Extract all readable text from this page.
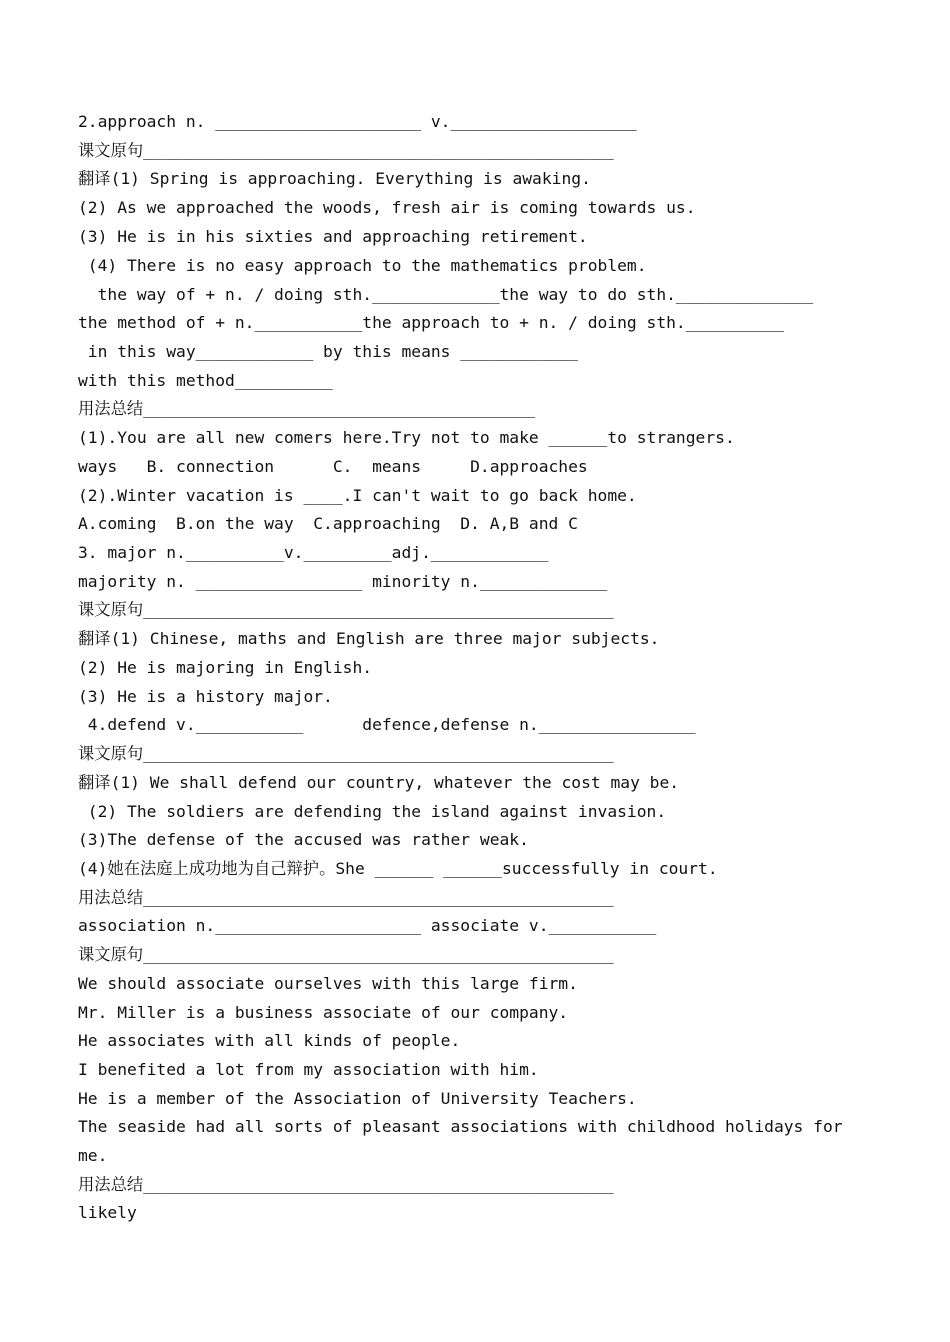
2.approach n. _____________________ v.___________________
课文原句________________________________________________
翻译(1) Spring is approaching. Everything is awaking.
(2) As we approached the woods, fresh air is coming towards us.
(3) He is in his sixties and approaching retirement.
(4) There is no easy approach to the mathematics problem.
the way of + n. / doing sth._____________the way to do sth.______________
the method of + n.___________the approach to + n. / doing sth.__________
in this way____________ by this means ____________
with this method__________
用法总结________________________________________
(1).You are all new comers here.Try not to make ______to strangers.
ways   B. connection      C.  means     D.approaches
(2).Winter vacation is ____.I can't wait to go back home.
A.coming  B.on the way  C.approaching  D. A,B and C
3. major n.__________v._________adj.____________
majority n. _________________ minority n._____________
课文原句________________________________________________
翻译(1) Chinese, maths and English are three major subjects.
(2) He is majoring in English.
(3) He is a history major.
4.defend v.___________      defence,defense n.________________
课文原句________________________________________________
翻译(1) We shall defend our country, whatever the cost may be.
(2) The soldiers are defending the island against invasion.
(3)The defense of the accused was rather weak.
(4)她在法庭上成功地为自己辩护。She ______ ______successfully in court.
用法总结________________________________________________
association n._____________________ associate v.___________
课文原句________________________________________________
We should associate ourselves with this large firm.
Mr. Miller is a business associate of our company.
He associates with all kinds of people.
I benefited a lot from my association with him.
He is a member of the Association of University Teachers.
The seaside had all sorts of pleasant associations with childhood holidays for
me.
用法总结________________________________________________
likely
